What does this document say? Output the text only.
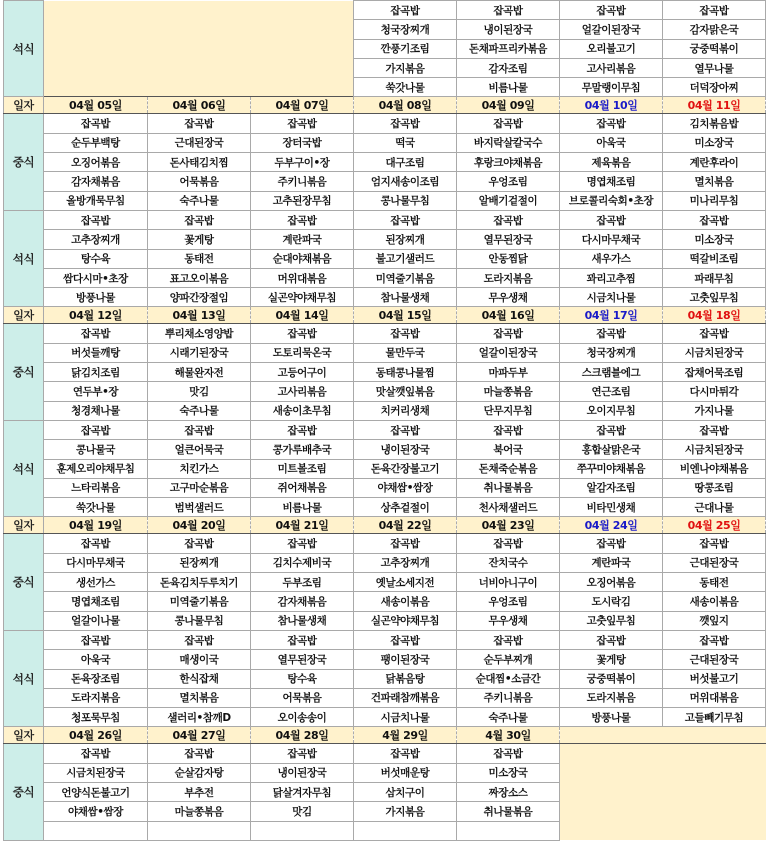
석식				잡곡밥	잡곡밥	잡곡밥	잡곡밥
				청국장찌개	냉이된장국	얼갈이된장국	감자맑은국
				깐풍기조림	돈채파프리카볶음	오리불고기	궁중떡볶이
				가지볶음	감자조림	고사리볶음	열무나물
				쑥갓나물	비름나물	무말랭이무침	더덕장아찌
일자	04월 05일	04월 06일	04월 07일	04월 08일	04월 09일	04월 10일	04월 11일
중식	잡곡밥	잡곡밥	잡곡밥	잡곡밥	잡곡밥	잡곡밥	김치볶음밥
	순두부백탕	근대된장국	장터국밥	떡국	바지락살칼국수	아욱국	미소장국
	오징어볶음	돈사태김치찜	두부구이•장	대구조림	후랑크야채볶음	제육볶음	계란후라이
	감자채볶음	어묵볶음	주키니볶음	엄지새송이조림	우엉조림	명엽채조림	멸치볶음
	올방개묵무침	숙주나물	고추된장무침	콩나물무침	알배기겉절이	브로콜리숙회•초장	미나리무침
석식	잡곡밥	잡곡밥	잡곡밥	잡곡밥	잡곡밥	잡곡밥	잡곡밥
	고추장찌개	꽃게탕	계란파국	된장찌개	열무된장국	다시마무채국	미소장국
	탕수육	동태전	순대야채볶음	불고기샐러드	안동찜닭	새우가스	떡갈비조림
	쌈다시마•초장	표고오이볶음	머위대볶음	미역줄기볶음	도라지볶음	꽈리고추찜	파래무침
	방풍나물	양파간장절임	실곤약야채무침	참나물생채	무우생채	시금치나물	고춧잎무침
일자	04월 12일	04월 13일	04월 14일	04월 15일	04월 16일	04월 17일	04월 18일
중식	잡곡밥	뿌리채소영양밥	잡곡밥	잡곡밥	잡곡밥	잡곡밥	잡곡밥
	버섯들깨탕	시래기된장국	도토리묵온국	물만두국	얼갈이된장국	청국장찌개	시금치된장국
	닭김치조림	해물완자전	고등어구이	동태콩나물찜	마파두부	스크램블에그	잡채어묵조림
	연두부•장	맛김	고사리볶음	맛살깻잎볶음	마늘쫑볶음	연근조림	다시마튀각
	청경채나물	숙주나물	새송이초무침	치커리생채	단무지무침	오이지무침	가지나물
석식	잡곡밥	잡곡밥	잡곡밥	잡곡밥	잡곡밥	잡곡밥	잡곡밥
	콩나물국	얼큰어묵국	콩가루배추국	냉이된장국	북어국	홍합살맑은국	시금치된장국
	훈제오리야채무침	치킨가스	미트볼조림	돈육간장불고기	돈채죽순볶음	쭈꾸미야채볶음	비엔나야채볶음
	느타리볶음	고구마순볶음	쥐어채볶음	야채쌈•쌈장	취나물볶음	알감자조림	땅콩조림
	쑥갓나물	범벅샐러드	비름나물	상추겉절이	천사채샐러드	비타민생채	근대나물
일자	04월 19일	04월 20일	04월 21일	04월 22일	04월 23일	04월 24일	04월 25일
중식	잡곡밥	잡곡밥	잡곡밥	잡곡밥	잡곡밥	잡곡밥	잡곡밥
	다시마무채국	된장찌개	김치수제비국	고추장찌개	잔치국수	계란파국	근대된장국
	생선가스	돈육김치두루치기	두부조림	옛날소세지전	너비아니구이	오징어볶음	동태전
	명엽채조림	미역줄기볶음	감자채볶음	새송이볶음	우엉조림	도시락김	새송이볶음
	얼갈이나물	콩나물무침	참나물생채	실곤약야채무침	무우생채	고춧잎무침	깻잎지
석식	잡곡밥	잡곡밥	잡곡밥	잡곡밥	잡곡밥	잡곡밥	잡곡밥
	아욱국	매생이국	열무된장국	팽이된장국	순두부찌개	꽃게탕	근대된장국
	돈육장조림	한식잡채	탕수육	닭볶음탕	순대찜•소금간	궁중떡볶이	버섯불고기
	도라지볶음	멸치볶음	어묵볶음	건파래참깨볶음	주키니볶음	도라지볶음	머위대볶음
	청포묵무침	샐러리•참깨D	오이송송이	시금치나물	숙주나물	방풍나물	고들빼기무침
일자	04월 26일	04월 27일	04월 28일	4월 29일	4월 30일		
중식	잡곡밥	잡곡밥	잡곡밥	잡곡밥	잡곡밥		
	시금치된장국	순살감자탕	냉이된장국	버섯매운탕	미소장국		
	언양식돈불고기	부추전	닭살겨자무침	삼치구이	짜장소스		
	야채쌈•쌈장	마늘쫑볶음	맛김	가지볶음	취나물볶음		
